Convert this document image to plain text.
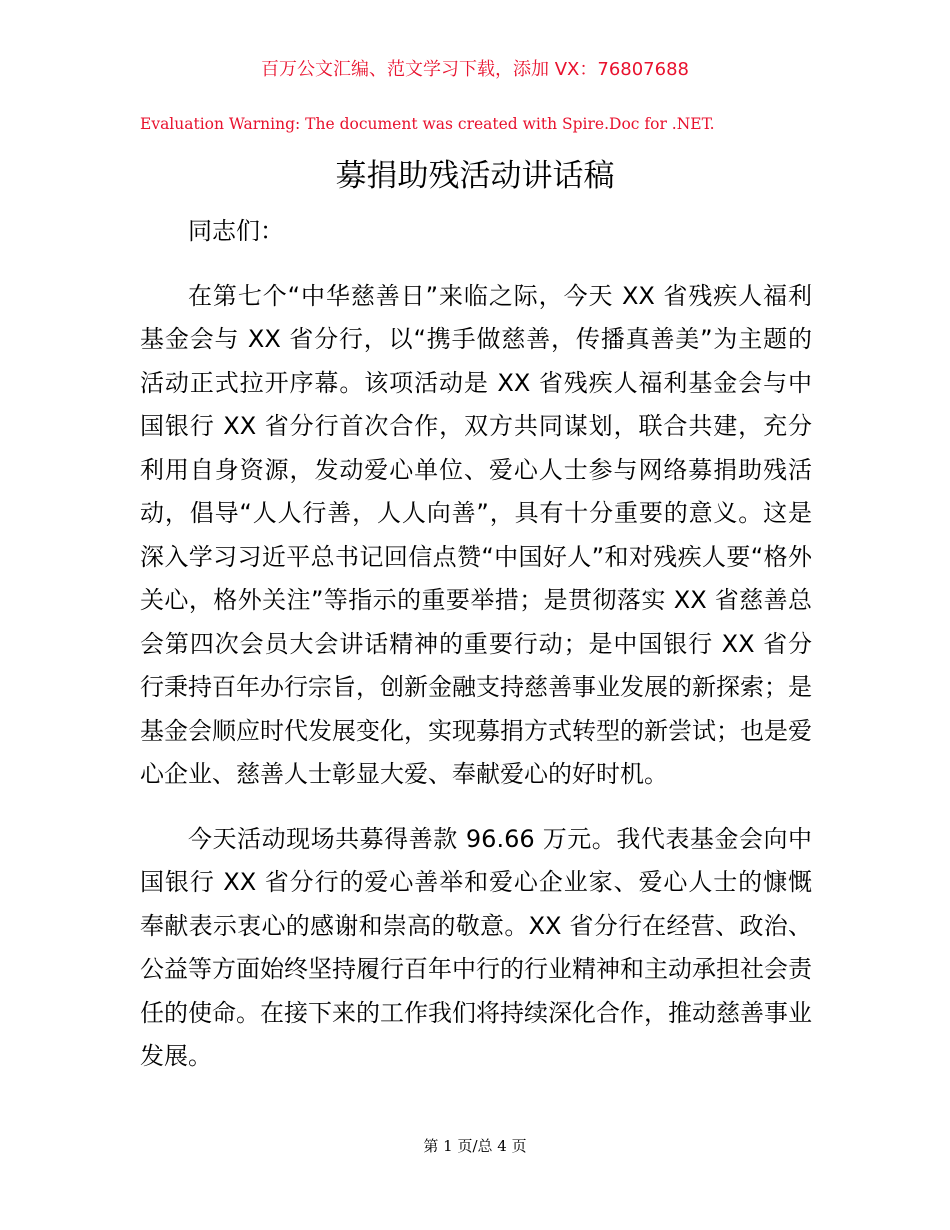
百万公文汇编、范文学习下载，添加 VX：76807688
Evaluation Warning: The document was created with Spire.Doc for .NET.
募捐助残活动讲话稿

同志们：

在第七个“中华慈善日”来临之际，今天 XX 省残疾人福利基金会与 XX 省分行，以“携手做慈善，传播真善美”为主题的活动正式拉开序幕。该项活动是 XX 省残疾人福利基金会与中国银行 XX 省分行首次合作，双方共同谋划，联合共建，充分利用自身资源，发动爱心单位、爱心人士参与网络募捐助残活动，倡导“人人行善，人人向善”，具有十分重要的意义。这是深入学习习近平总书记回信点赞“中国好人”和对残疾人要“格外关心，格外关注”等指示的重要举措；是贯彻落实 XX 省慈善总会第四次会员大会讲话精神的重要行动；是中国银行 XX 省分行秉持百年办行宗旨，创新金融支持慈善事业发展的新探索；是基金会顺应时代发展变化，实现募捐方式转型的新尝试；也是爱心企业、慈善人士彰显大爱、奉献爱心的好时机。

今天活动现场共募得善款 96.66 万元。我代表基金会向中国银行 XX 省分行的爱心善举和爱心企业家、爱心人士的慷慨奉献表示衷心的感谢和崇高的敬意。XX 省分行在经营、政治、公益等方面始终坚持履行百年中行的行业精神和主动承担社会责任的使命。在接下来的工作我们将持续深化合作，推动慈善事业发展。

第 1 页/总 4 页
